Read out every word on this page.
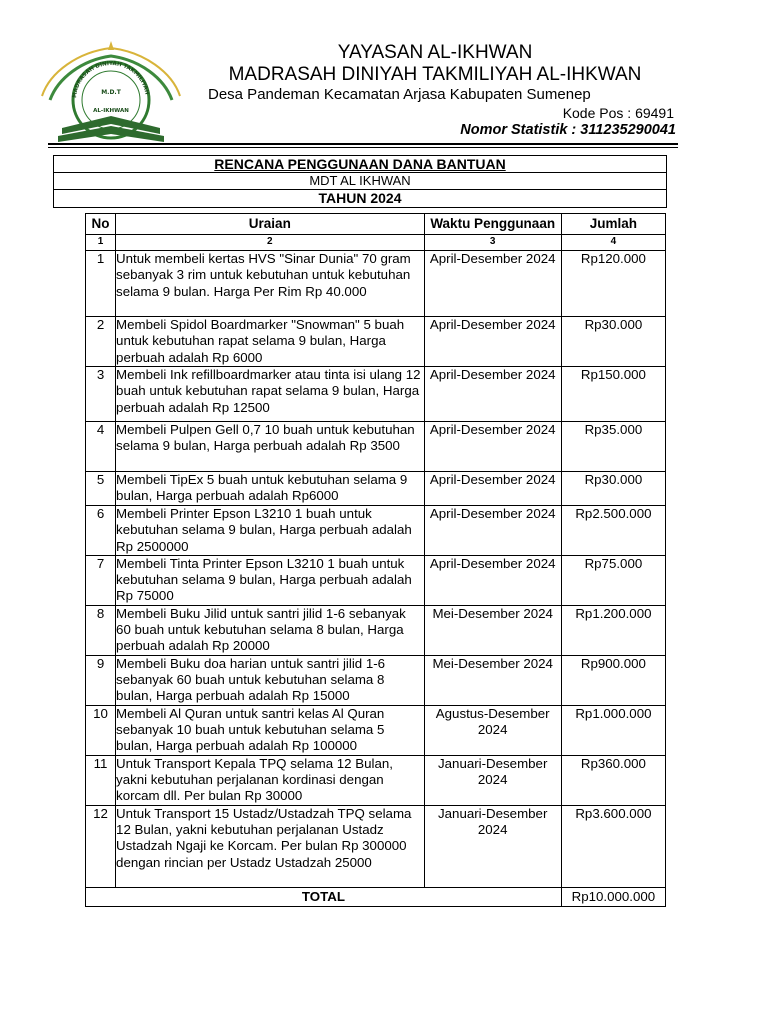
MADRASAH DINIYAH TAKMILIYAH
M.D.T
AL-IKHWAN
YAYASAN AL-IKHWAN
MADRASAH DINIYAH TAKMILIYAH AL-IHKWAN
Desa Pandeman Kecamatan Arjasa Kabupaten Sumenep
Kode Pos : 69491
Nomor Statistik : 311235290041
RENCANA PENGGUNAAN DANA BANTUAN
MDT AL IKHWAN
TAHUN 2024
No	Uraian	Waktu Penggunaan	Jumlah
1	2	3	4
1	Untuk membeli kertas HVS "Sinar Dunia" 70 gram sebanyak 3 rim untuk kebutuhan untuk kebutuhan selama 9 bulan. Harga Per Rim Rp 40.000	April-Desember 2024	Rp120.000
2	Membeli Spidol Boardmarker "Snowman" 5 buah untuk kebutuhan rapat selama 9 bulan, Harga perbuah adalah Rp 6000	April-Desember 2024	Rp30.000
3	Membeli Ink refillboardmarker atau tinta isi ulang 12 buah untuk kebutuhan rapat selama 9 bulan, Harga perbuah adalah Rp 12500	April-Desember 2024	Rp150.000
4	Membeli Pulpen Gell 0,7 10 buah untuk kebutuhan selama 9 bulan, Harga perbuah adalah Rp 3500	April-Desember 2024	Rp35.000
5	Membeli TipEx 5 buah untuk kebutuhan selama 9 bulan, Harga perbuah adalah Rp6000	April-Desember 2024	Rp30.000
6	Membeli Printer Epson L3210 1 buah untuk kebutuhan selama 9 bulan, Harga perbuah adalah Rp 2500000	April-Desember 2024	Rp2.500.000
7	Membeli Tinta Printer Epson L3210 1 buah untuk kebutuhan selama 9 bulan, Harga perbuah adalah Rp 75000	April-Desember 2024	Rp75.000
8	Membeli Buku Jilid untuk santri jilid 1-6 sebanyak 60 buah untuk kebutuhan selama 8 bulan, Harga perbuah adalah Rp 20000	Mei-Desember 2024	Rp1.200.000
9	Membeli Buku doa harian untuk santri jilid 1-6 sebanyak 60 buah untuk kebutuhan selama 8 bulan, Harga perbuah adalah Rp 15000	Mei-Desember 2024	Rp900.000
10	Membeli Al Quran untuk santri kelas Al Quran sebanyak 10 buah untuk kebutuhan selama 5 bulan, Harga perbuah adalah Rp 100000	Agustus-Desember 2024	Rp1.000.000
11	Untuk Transport Kepala TPQ selama 12 Bulan, yakni kebutuhan perjalanan kordinasi dengan korcam dll. Per bulan Rp 30000	Januari-Desember 2024	Rp360.000
12	Untuk Transport 15 Ustadz/Ustadzah TPQ selama 12 Bulan, yakni kebutuhan perjalanan Ustadz Ustadzah Ngaji ke Korcam. Per bulan Rp 300000 dengan rincian per Ustadz Ustadzah 25000	Januari-Desember 2024	Rp3.600.000
TOTAL			Rp10.000.000
